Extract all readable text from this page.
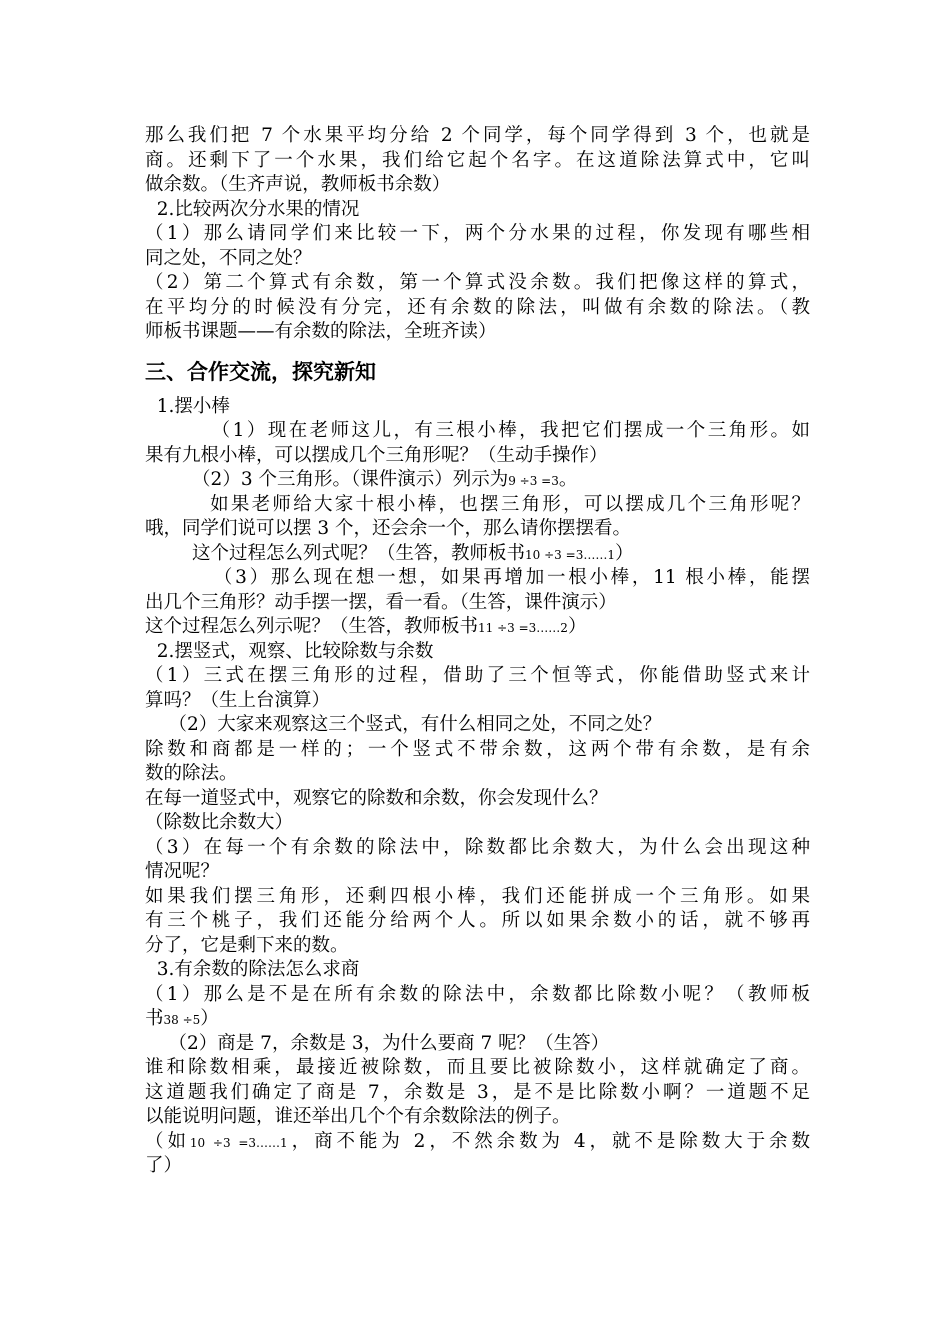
那么我们把 7 个水果平均分给 2 个同学，每个同学得到 3 个，也就是
商。还剩下了一个水果，我们给它起个名字。在这道除法算式中，它叫
做余数。（生齐声说，教师板书余数）
2.比较两次分水果的情况
（1）那么请同学们来比较一下，两个分水果的过程，你发现有哪些相
同之处，不同之处？
（2）第二个算式有余数，第一个算式没余数。我们把像这样的算式，
在平均分的时候没有分完，还有余数的除法，叫做有余数的除法。（教
师板书课题——有余数的除法，全班齐读）
三、合作交流，探究新知
1.摆小棒
（1）现在老师这儿，有三根小棒，我把它们摆成一个三角形。如
果有九根小棒，可以摆成几个三角形呢？（生动手操作）
（2）3 个三角形。（课件演示）列示为9 ÷3 =3。
如果老师给大家十根小棒，也摆三角形，可以摆成几个三角形呢？
哦，同学们说可以摆 3 个，还会余一个，那么请你摆摆看。
这个过程怎么列式呢？（生答，教师板书10 ÷3 =3……1）
（3）那么现在想一想，如果再增加一根小棒，11 根小棒，能摆
出几个三角形？动手摆一摆，看一看。（生答，课件演示）
这个过程怎么列示呢？（生答，教师板书11 ÷3 =3……2）
2.摆竖式，观察、比较除数与余数
（1）三式在摆三角形的过程，借助了三个恒等式，你能借助竖式来计
算吗？（生上台演算）
（2）大家来观察这三个竖式，有什么相同之处，不同之处？
除数和商都是一样的；一个竖式不带余数，这两个带有余数，是有余
数的除法。
在每一道竖式中，观察它的除数和余数，你会发现什么？
（除数比余数大）
（3）在每一个有余数的除法中，除数都比余数大，为什么会出现这种
情况呢？
如果我们摆三角形，还剩四根小棒，我们还能拼成一个三角形。如果
有三个桃子，我们还能分给两个人。所以如果余数小的话，就不够再
分了，它是剩下来的数。
3.有余数的除法怎么求商
（1）那么是不是在所有余数的除法中，余数都比除数小呢？（教师板
书38 ÷5）
（2）商是 7，余数是 3，为什么要商 7 呢？（生答）
谁和除数相乘，最接近被除数，而且要比被除数小，这样就确定了商。
这道题我们确定了商是 7，余数是 3，是不是比除数小啊？一道题不足
以能说明问题，谁还举出几个个有余数除法的例子。
（如10 ÷3 =3……1，商不能为 2，不然余数为 4，就不是除数大于余数
了）
